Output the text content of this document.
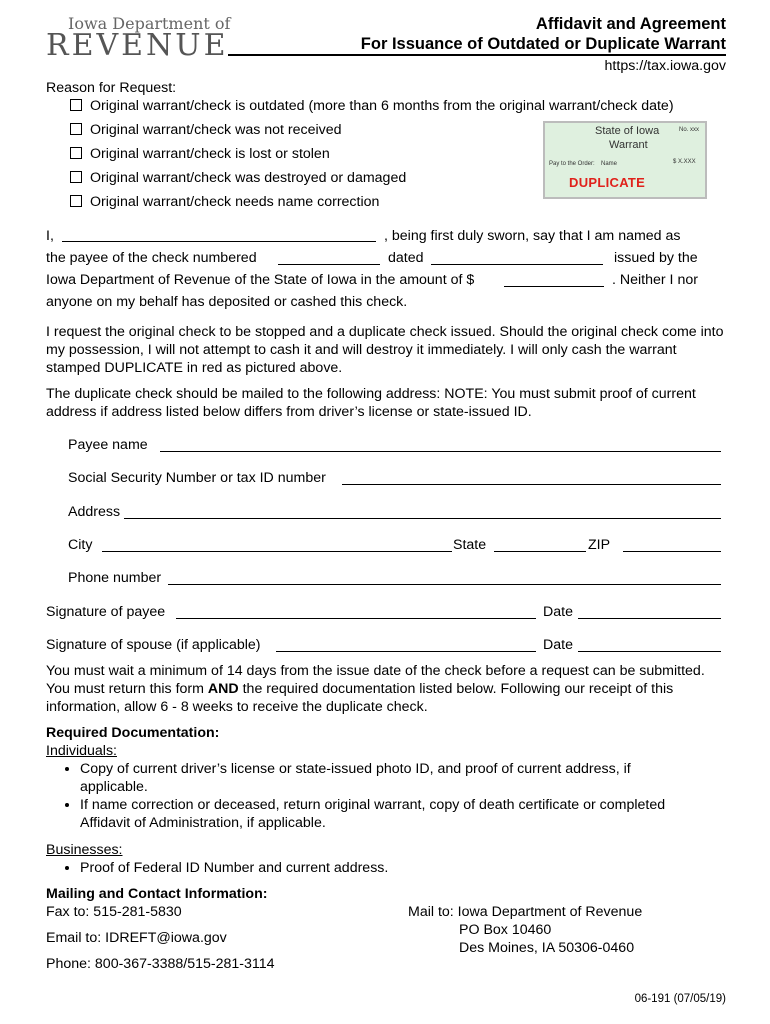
Iowa Department of
REVENUE
Affidavit and Agreement
For Issuance of Outdated or Duplicate Warrant
https://tax.iowa.gov
Reason for Request:
Original warrant/check is outdated (more than 6 months from the original warrant/check date)
Original warrant/check was not received
Original warrant/check is lost or stolen
Original warrant/check was destroyed or damaged
Original warrant/check needs name correction
State of Iowa
Warrant
No. xxx
Pay to the Order: Name	$ X.XXX
DUPLICATE
I,	, being first duly sworn, say that I am named as
the payee of the check numbered	dated	issued by the
Iowa Department of Revenue of the State of Iowa in the amount of $	. Neither I nor
anyone on my behalf has deposited or cashed this check.
I request the original check to be stopped and a duplicate check issued. Should the original check come into my possession, I will not attempt to cash it and will destroy it immediately. I will only cash the warrant stamped DUPLICATE in red as pictured above.
The duplicate check should be mailed to the following address: NOTE: You must submit proof of current address if address listed below differs from driver’s license or state-issued ID.
Payee name
Social Security Number or tax ID number
Address
City	State	ZIP
Phone number
Signature of payee	Date
Signature of spouse (if applicable)	Date
You must wait a minimum of 14 days from the issue date of the check before a request can be submitted. You must return this form AND the required documentation listed below. Following our receipt of this information, allow 6 - 8 weeks to receive the duplicate check.
Required Documentation:
Individuals:
• Copy of current driver’s license or state-issued photo ID, and proof of current address, if applicable.
• If name correction or deceased, return original warrant, copy of death certificate or completed Affidavit of Administration, if applicable.
Businesses:
• Proof of Federal ID Number and current address.
Mailing and Contact Information:
Fax to: 515-281-5830
Email to: IDREFT@iowa.gov
Phone: 800-367-3388/515-281-3114
Mail to: Iowa Department of Revenue
PO Box 10460
Des Moines, IA 50306-0460
06-191 (07/05/19)
